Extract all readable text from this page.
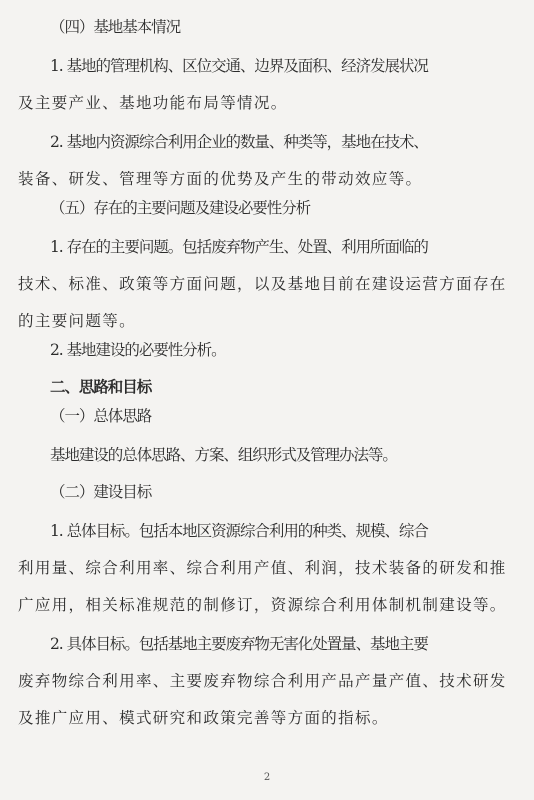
（四）基地基本情况
1. 基地的管理机构、区位交通、边界及面积、经济发展状况
及主要产业、基地功能布局等情况。
2. 基地内资源综合利用企业的数量、种类等，基地在技术、
装备、研发、管理等方面的优势及产生的带动效应等。
（五）存在的主要问题及建设必要性分析
1. 存在的主要问题。包括废弃物产生、处置、利用所面临的
技术、标准、政策等方面问题，以及基地目前在建设运营方面存在
的主要问题等。
2. 基地建设的必要性分析。
二、思路和目标
（一）总体思路
基地建设的总体思路、方案、组织形式及管理办法等。
（二）建设目标
1. 总体目标。包括本地区资源综合利用的种类、规模、综合
利用量、综合利用率、综合利用产值、利润，技术装备的研发和推
广应用，相关标准规范的制修订，资源综合利用体制机制建设等。
2. 具体目标。包括基地主要废弃物无害化处置量、基地主要
废弃物综合利用率、主要废弃物综合利用产品产量产值、技术研发
及推广应用、模式研究和政策完善等方面的指标。
2
